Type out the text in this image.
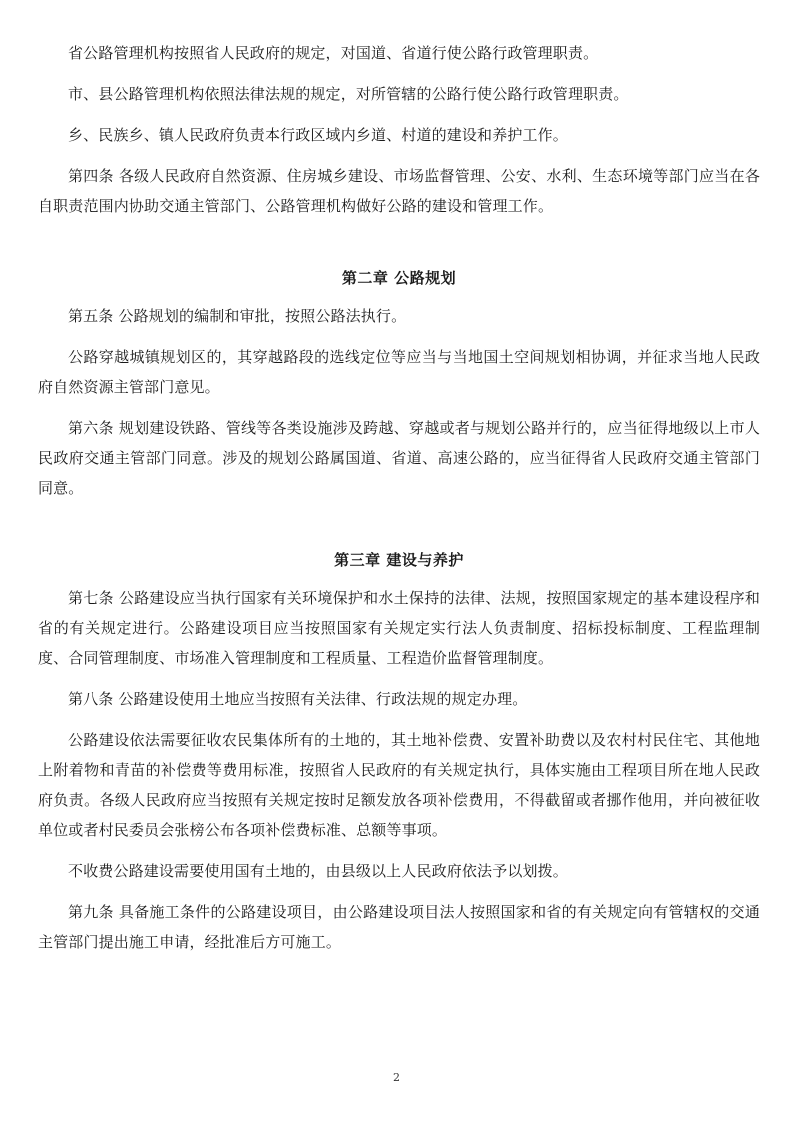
省公路管理机构按照省人民政府的规定，对国道、省道行使公路行政管理职责。

市、县公路管理机构依照法律法规的规定，对所管辖的公路行使公路行政管理职责。

乡、民族乡、镇人民政府负责本行政区域内乡道、村道的建设和养护工作。

第四条 各级人民政府自然资源、住房城乡建设、市场监督管理、公安、水利、生态环境等部门应当在各自职责范围内协助交通主管部门、公路管理机构做好公路的建设和管理工作。

第二章 公路规划

第五条 公路规划的编制和审批，按照公路法执行。

公路穿越城镇规划区的，其穿越路段的选线定位等应当与当地国土空间规划相协调，并征求当地人民政府自然资源主管部门意见。

第六条 规划建设铁路、管线等各类设施涉及跨越、穿越或者与规划公路并行的，应当征得地级以上市人民政府交通主管部门同意。涉及的规划公路属国道、省道、高速公路的，应当征得省人民政府交通主管部门同意。

第三章 建设与养护

第七条 公路建设应当执行国家有关环境保护和水土保持的法律、法规，按照国家规定的基本建设程序和省的有关规定进行。公路建设项目应当按照国家有关规定实行法人负责制度、招标投标制度、工程监理制度、合同管理制度、市场准入管理制度和工程质量、工程造价监督管理制度。

第八条 公路建设使用土地应当按照有关法律、行政法规的规定办理。

公路建设依法需要征收农民集体所有的土地的，其土地补偿费、安置补助费以及农村村民住宅、其他地上附着物和青苗的补偿费等费用标准，按照省人民政府的有关规定执行，具体实施由工程项目所在地人民政府负责。各级人民政府应当按照有关规定按时足额发放各项补偿费用，不得截留或者挪作他用，并向被征收单位或者村民委员会张榜公布各项补偿费标准、总额等事项。

不收费公路建设需要使用国有土地的，由县级以上人民政府依法予以划拨。

第九条 具备施工条件的公路建设项目，由公路建设项目法人按照国家和省的有关规定向有管辖权的交通主管部门提出施工申请，经批准后方可施工。

2
